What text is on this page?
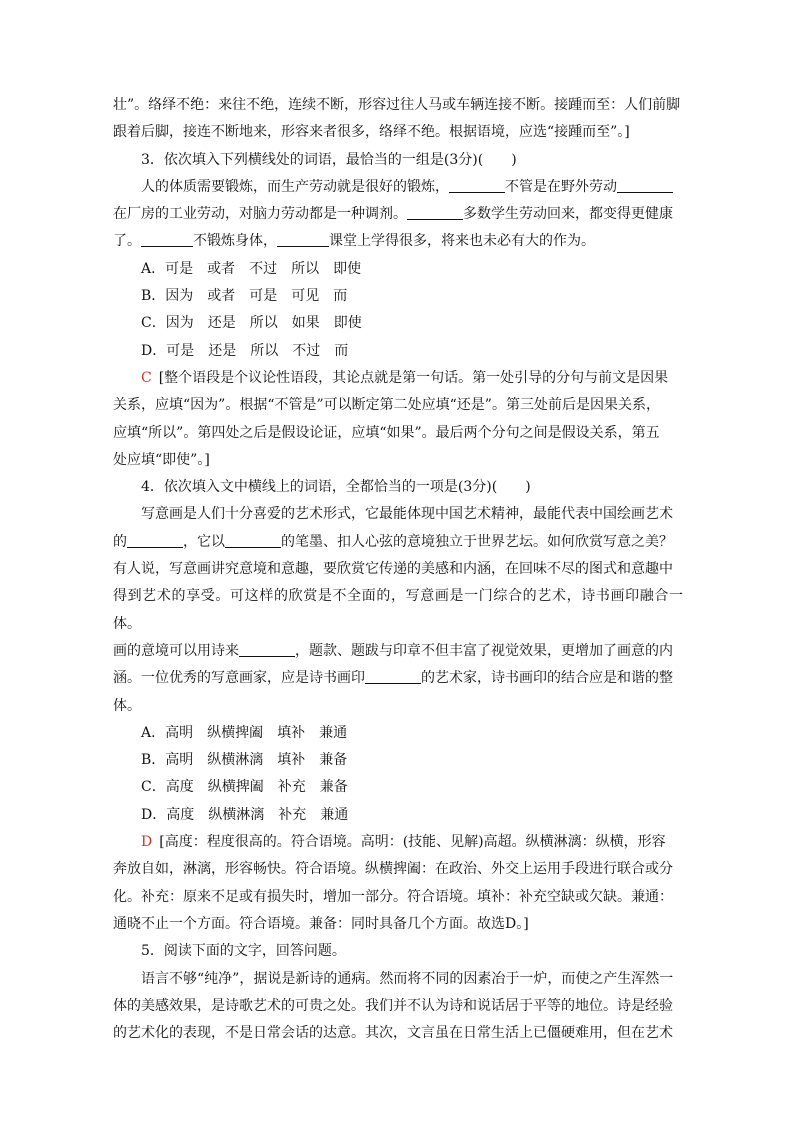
壮”。络绎不绝：来往不绝，连续不断，形容过往人马或车辆连接不断。接踵而至：人们前脚

跟着后脚，接连不断地来，形容来者很多，络绎不绝。根据语境，应选“接踵而至”。]

3．依次填入下列横线处的词语，最恰当的一组是(3分)(　　)

人的体质需要锻炼，而生产劳动就是很好的锻炼，	不管是在野外劳动

在厂房的工业劳动，对脑力劳动都是一种调剂。	多数学生劳动回来，都变得更健康

了。	不锻炼身体，	课堂上学得很多，将来也未必有大的作为。

A．可是　或者　不过　所以　即使

B．因为　或者　可是　可见　而

C．因为　还是　所以　如果　即使

D．可是　还是　所以　不过　而

C  [整个语段是个议论性语段，其论点就是第一句话。第一处引导的分句与前文是因果

关系，应填“因为”。根据“不管是”可以断定第二处应填“还是”。第三处前后是因果关系，

应填“所以”。第四处之后是假设论证，应填“如果”。最后两个分句之间是假设关系，第五

处应填“即使”。]

4．依次填入文中横线上的词语，全都恰当的一项是(3分)(　　)

写意画是人们十分喜爱的艺术形式，它最能体现中国艺术精神，最能代表中国绘画艺术

的	，它以	的笔墨、扣人心弦的意境独立于世界艺坛。如何欣赏写意之美？

有人说，写意画讲究意境和意趣，要欣赏它传递的美感和内涵，在回味不尽的图式和意趣中

得到艺术的享受。可这样的欣赏是不全面的，写意画是一门综合的艺术，诗书画印融合一体。

画的意境可以用诗来	，题款、题跋与印章不但丰富了视觉效果，更增加了画意的内

涵。一位优秀的写意画家，应是诗书画印	的艺术家，诗书画印的结合应是和谐的整

体。

A．高明　纵横捭阖　填补　兼通

B．高明　纵横淋漓　填补　兼备

C．高度　纵横捭阖　补充　兼备

D．高度　纵横淋漓　补充　兼通

D  [高度：程度很高的。符合语境。高明：(技能、见解)高超。纵横淋漓：纵横，形容

奔放自如，淋漓，形容畅快。符合语境。纵横捭阖：在政治、外交上运用手段进行联合或分

化。补充：原来不足或有损失时，增加一部分。符合语境。填补：补充空缺或欠缺。兼通：

通晓不止一个方面。符合语境。兼备：同时具备几个方面。故选D。]

5．阅读下面的文字，回答问题。

语言不够“纯净”，据说是新诗的通病。然而将不同的因素冶于一炉，而使之产生浑然一

体的美感效果，是诗歌艺术的可贵之处。我们并不认为诗和说话居于平等的地位。诗是经验

的艺术化的表现，不是日常会话的达意。其次，文言虽在日常生活上已僵硬难用，但在艺术
